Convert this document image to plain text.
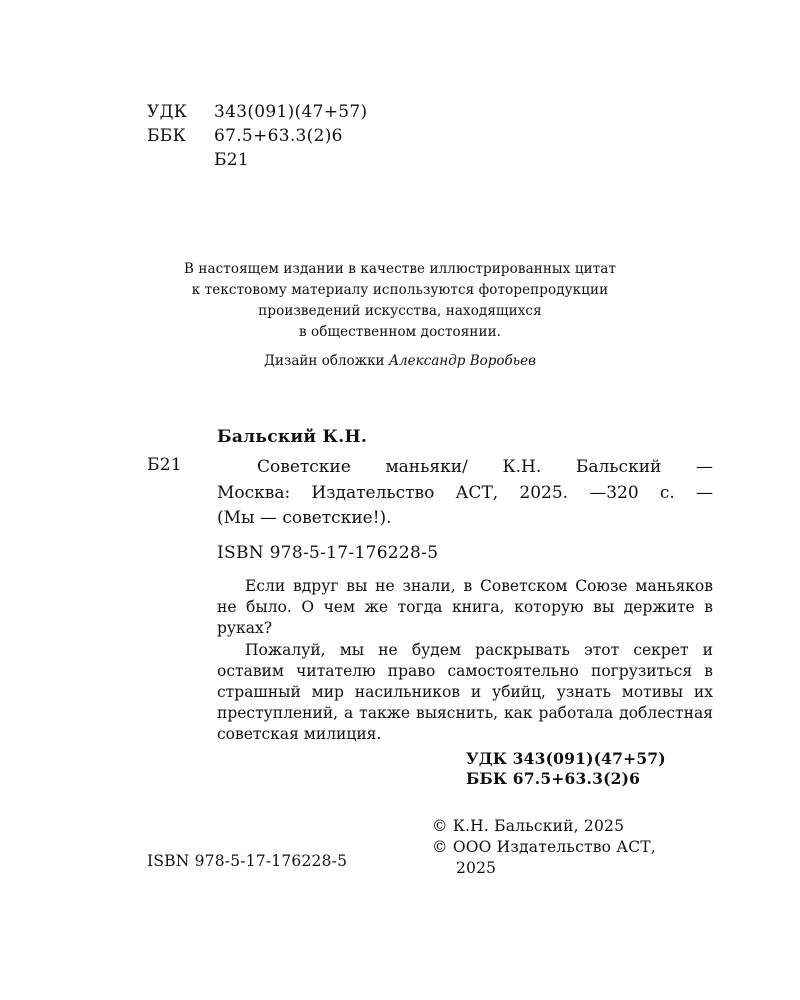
УДК 343(091)(47+57)
ББК 67.5+63.3(2)6
Б21

В настоящем издании в качестве иллюстрированных цитат

к текстовому материалу используются фоторепродукции

произведений искусства, находящихся

в общественном достоянии.

Дизайн обложки Александр Воробьев
Бальский К.Н.
Б21	Советские маньяки/ К.Н. Бальский —
Москва: Издательство АСТ, 2025. —320 с. —
(Мы — советские!).
ISBN 978-5-17-176228-5

Если вдруг вы не знали, в Советском Союзе маньяков не было. О чем же тогда книга, которую вы держите в руках?

Пожалуй, мы не будем раскрывать этот секрет и оставим читателю право самостоятельно погрузиться в страшный мир насильников и убийц, узнать мотивы их преступлений, а также выяснить, как работала доблестная советская милиция.

УДК 343(091)(47+57)
ББК 67.5+63.3(2)6
© К.Н. Бальский, 2025
© ООО Издательство АСТ,
2025
ISBN 978-5-17-176228-5
